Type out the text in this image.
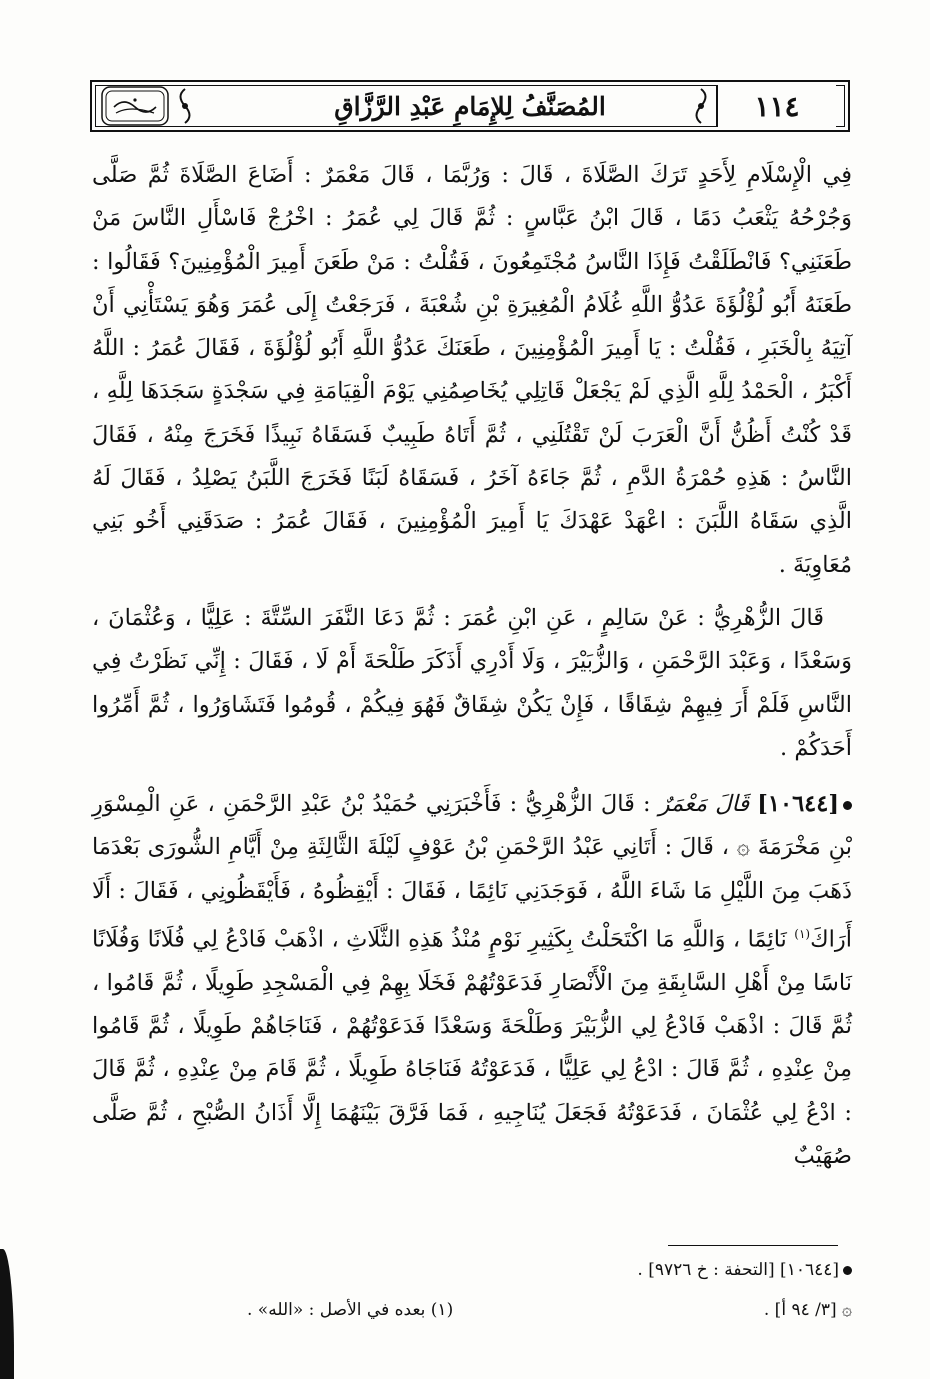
١١٤
المُصَنَّفُ لِلإِمَامِ عَبْدِ الرَّزَّاقِ

فِي الْإِسْلَامِ لِأَحَدٍ تَرَكَ الصَّلَاةَ ، قَالَ : وَرُبَّمَا ، قَالَ مَعْمَرٌ : أَضَاعَ الصَّلَاةَ ثُمَّ صَلَّى وَجُرْحُهُ يَثْعَبُ دَمًا ، قَالَ ابْنُ عَبَّاسٍ : ثُمَّ قَالَ لِي عُمَرُ : اخْرُجْ فَاسْأَلِ النَّاسَ مَنْ طَعَنَنِي؟ فَانْطَلَقْتُ فَإِذَا النَّاسُ مُجْتَمِعُونَ ، فَقُلْتُ : مَنْ طَعَنَ أَمِيرَ الْمُؤْمِنِينَ؟ فَقَالُوا : طَعَنَهُ أَبُو لُؤْلُؤَةَ عَدُوُّ اللَّهِ غُلَامُ الْمُغِيرَةِ بْنِ شُعْبَةَ ، فَرَجَعْتُ إِلَى عُمَرَ وَهُوَ يَسْتَأْنِي أَنْ آتِيَهُ بِالْخَبَرِ ، فَقُلْتُ : يَا أَمِيرَ الْمُؤْمِنِينَ ، طَعَنَكَ عَدُوُّ اللَّهِ أَبُو لُؤْلُؤَةَ ، فَقَالَ عُمَرُ : اللَّهُ أَكْبَرُ ، الْحَمْدُ لِلَّهِ الَّذِي لَمْ يَجْعَلْ قَاتِلِي يُخَاصِمُنِي يَوْمَ الْقِيَامَةِ فِي سَجْدَةٍ سَجَدَهَا لِلَّهِ ، قَدْ كُنْتُ أَظُنُّ أَنَّ الْعَرَبَ لَنْ تَقْتُلَنِي ، ثُمَّ أَتَاهُ طَبِيبٌ فَسَقَاهُ نَبِيذًا فَخَرَجَ مِنْهُ ، فَقَالَ النَّاسُ : هَذِهِ حُمْرَةُ الدَّمِ ، ثُمَّ جَاءَهُ آخَرُ ، فَسَقَاهُ لَبَنًا فَخَرَجَ اللَّبَنُ يَصْلِدُ ، فَقَالَ لَهُ الَّذِي سَقَاهُ اللَّبَنَ : اعْهَدْ عَهْدَكَ يَا أَمِيرَ الْمُؤْمِنِينَ ، فَقَالَ عُمَرُ : صَدَقَنِي أَخُو بَنِي مُعَاوِيَةَ .

قَالَ الزُّهْرِيُّ : عَنْ سَالِمٍ ، عَنِ ابْنِ عُمَرَ : ثُمَّ دَعَا النَّفَرَ السِّتَّةَ : عَلِيًّا ، وَعُثْمَانَ ، وَسَعْدًا ، وَعَبْدَ الرَّحْمَنِ ، وَالزُّبَيْرَ ، وَلَا أَدْرِي أَذَكَرَ طَلْحَةَ أَمْ لَا ، فَقَالَ : إِنِّي نَظَرْتُ فِي النَّاسِ فَلَمْ أَرَ فِيهِمْ شِقَاقًا ، فَإِنْ يَكُنْ شِقَاقٌ فَهُوَ فِيكُمْ ، قُومُوا فَتَشَاوَرُوا ، ثُمَّ أَمِّرُوا أَحَدَكُمْ .

[١٠٦٤٤] قَالَ مَعْمَرٌ : قَالَ الزُّهْرِيُّ : فَأَخْبَرَنِي حُمَيْدُ بْنُ عَبْدِ الرَّحْمَنِ ، عَنِ الْمِسْوَرِ بْنِ مَخْرَمَةَ ۞ ، قَالَ : أَتَانِي عَبْدُ الرَّحْمَنِ بْنُ عَوْفٍ لَيْلَةَ الثَّالِثَةِ مِنْ أَيَّامِ الشُّورَى بَعْدَمَا ذَهَبَ مِنَ اللَّيْلِ مَا شَاءَ اللَّهُ ، فَوَجَدَنِي نَائِمًا ، فَقَالَ : أَيْقِظُوهُ ، فَأَيْقَظُونِي ، فَقَالَ : أَلَا أَرَاكَ$^{(١)}$ نَائِمًا ، وَاللَّهِ مَا اكْتَحَلْتُ بِكَثِيرِ نَوْمٍ مُنْذُ هَذِهِ الثَّلَاثِ ، اذْهَبْ فَادْعُ لِي فُلَانًا وَفُلَانًا نَاسًا مِنْ أَهْلِ السَّابِقَةِ مِنَ الْأَنْصَارِ فَدَعَوْتُهُمْ فَخَلَا بِهِمْ فِي الْمَسْجِدِ طَوِيلًا ، ثُمَّ قَامُوا ، ثُمَّ قَالَ : اذْهَبْ فَادْعُ لِي الزُّبَيْرَ وَطَلْحَةَ وَسَعْدًا فَدَعَوْتُهُمْ ، فَنَاجَاهُمْ طَوِيلًا ، ثُمَّ قَامُوا مِنْ عِنْدِهِ ، ثُمَّ قَالَ : ادْعُ لِي عَلِيًّا ، فَدَعَوْتُهُ فَنَاجَاهُ طَوِيلًا ، ثُمَّ قَامَ مِنْ عِنْدِهِ ، ثُمَّ قَالَ : ادْعُ لِي عُثْمَانَ ، فَدَعَوْتُهُ فَجَعَلَ يُنَاجِيهِ ، فَمَا فَرَّقَ بَيْنَهُمَا إِلَّا أَذَانُ الصُّبْحِ ، ثُمَّ صَلَّى صُهَيْبٌ

[١٠٦٤٤] [التحفة : خ ٩٧٢٦] .
۞ [٣/ ٩٤ أ] .
(١) بعده في الأصل : «الله» .
